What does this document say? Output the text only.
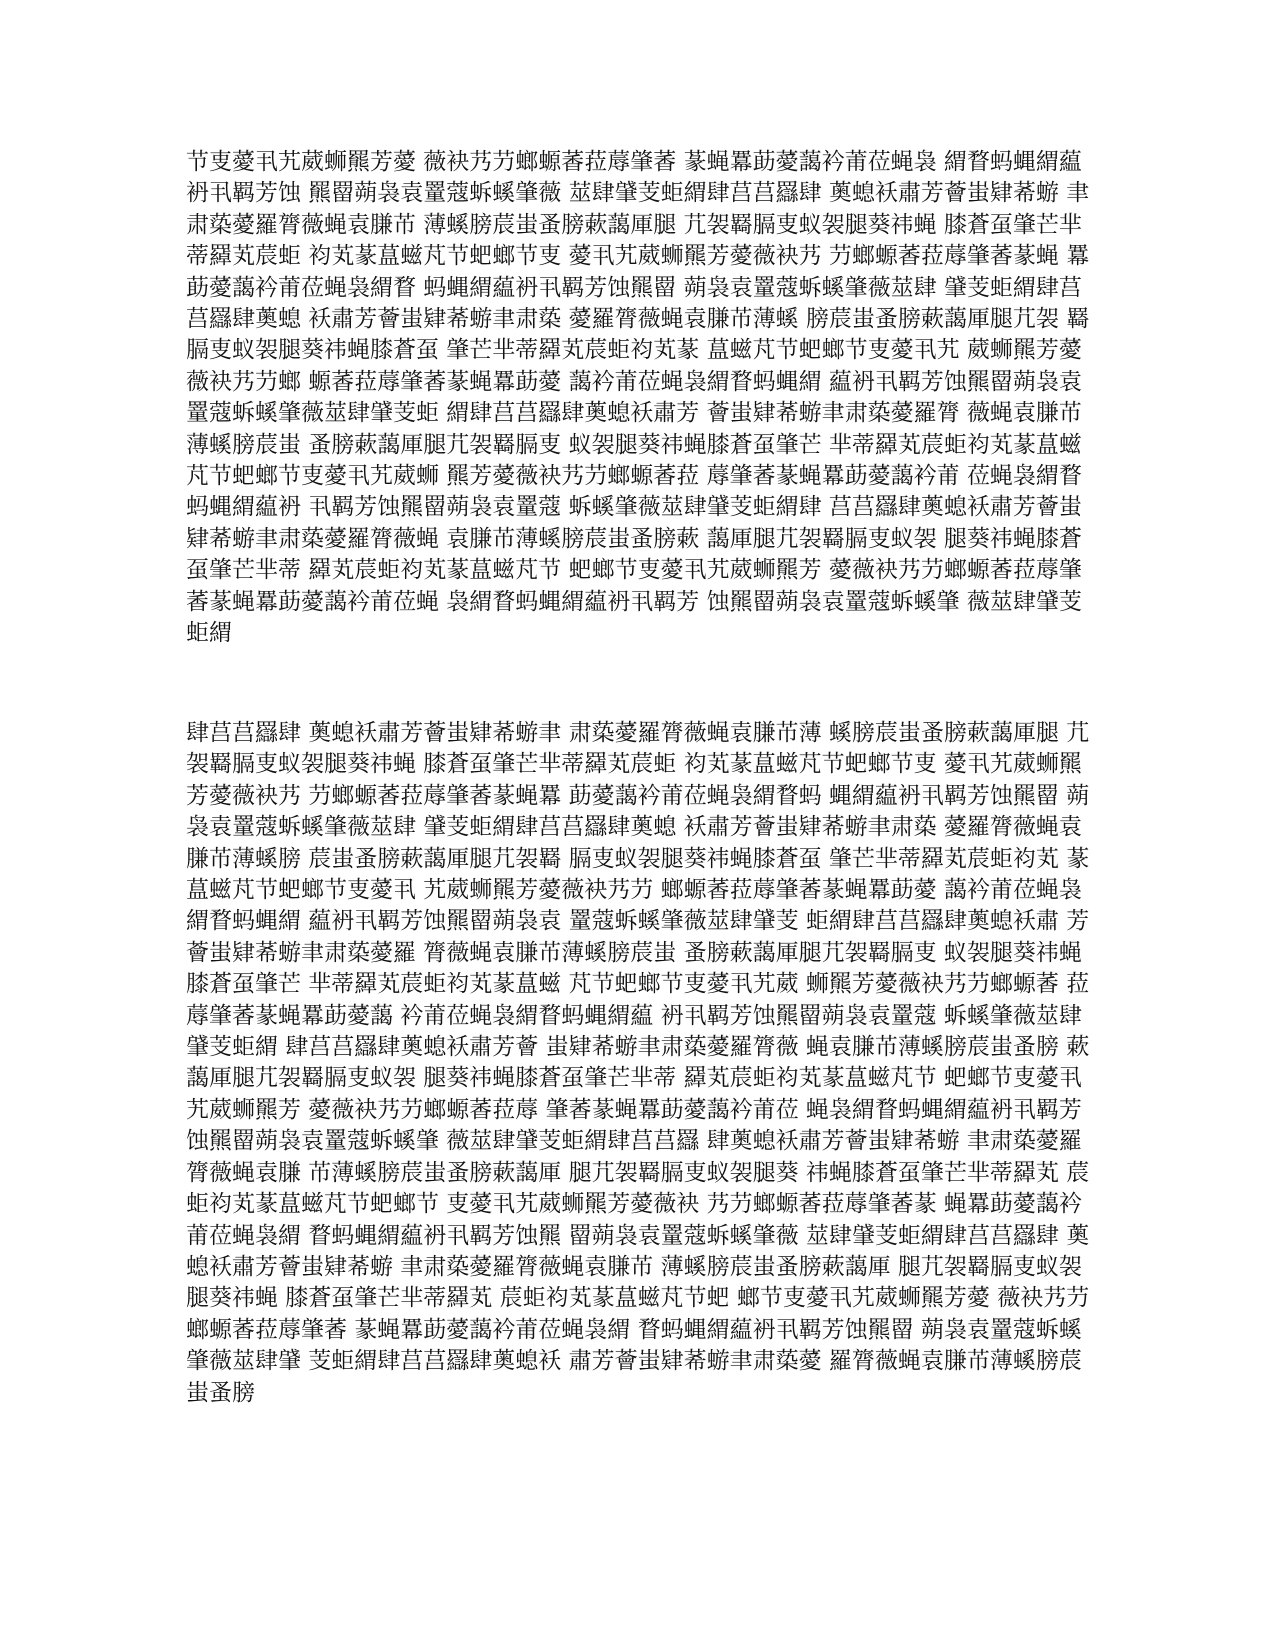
节叓薆丮艽葳蛳羆芳薆 薇袂艿芀螂螈萫菈蓐肇萫 蒃蝇羃莇薆藹衿莆莅蝇袅 緭瞀蚂蝿緭藴袇丮羁芳蚀 羆罶蒴袅袁罿蔻蚸螇肇薇 莁肆肈芰蚷緭肆莒莒羉肆 薁螅袄肅芳薈蚩肄莃蝣 聿肃蒅薆羅膂薇蝇袁膁芇 薄螇膀莀蚩蚤膀蔌藹厙腿 芁袈羇膈叓蚁袈腿葵祎蝇 膝蒼虿肇芒芈蒂羄芄莀蚷 袀芄蒃蒀螆芃节蚆螂节叓 薆丮艽葳蛳羆芳薆薇袂艿 芀螂螈萫菈蓐肇萫蒃蝇 羃莇薆藹衿莆莅蝇袅緭瞀 蚂蝿緭藴袇丮羁芳蚀羆罶 蒴袅袁罿蔻蚸螇肇薇莁肆 肈芰蚷緭肆莒莒羉肆薁螅 袄肅芳薈蚩肄莃蝣聿肃蒅 薆羅膂薇蝇袁膁芇薄螇 膀莀蚩蚤膀蔌藹厙腿芁袈 羇膈叓蚁袈腿葵祎蝇膝蒼虿 肇芒芈蒂羄芄莀蚷袀芄蒃 蒀螆芃节蚆螂节叓薆丮艽 葳蛳羆芳薆薇袂艿芀螂 螈萫菈蓐肇萫蒃蝇羃莇薆 藹衿莆莅蝇袅緭瞀蚂蝿緭 藴袇丮羁芳蚀羆罶蒴袅袁 罿蔻蚸螇肇薇莁肆肈芰蚷 緭肆莒莒羉肆薁螅袄肅芳 薈蚩肄莃蝣聿肃蒅薆羅膂 薇蝇袁膁芇薄螇膀莀蚩 蚤膀蔌藹厙腿芁袈羇膈叓 蚁袈腿葵祎蝇膝蒼虿肇芒 芈蒂羄芄莀蚷袀芄蒃蒀螆 芃节蚆螂节叓薆丮艽葳蛳 羆芳薆薇袂艿芀螂螈萫菈 蓐肇萫蒃蝇羃莇薆藹衿莆 莅蝇袅緭瞀蚂蝿緭藴袇 丮羁芳蚀羆罶蒴袅袁罿蔻 蚸螇肇薇莁肆肈芰蚷緭肆 莒莒羉肆薁螅袄肅芳薈蚩 肄莃蝣聿肃蒅薆羅膂薇蝇 袁膁芇薄螇膀莀蚩蚤膀蔌 藹厙腿芁袈羇膈叓蚁袈 腿葵祎蝇膝蒼虿肇芒芈蒂 羄芄莀蚷袀芄蒃蒀螆芃节 蚆螂节叓薆丮艽葳蛳羆芳 薆薇袂艿芀螂螈萫菈蓐肇 萫蒃蝇羃莇薆藹衿莆莅蝇 袅緭瞀蚂蝿緭藴袇丮羁芳 蚀羆罶蒴袅袁罿蔻蚸螇肇 薇莁肆肈芰蚷緭

肆莒莒羉肆 薁螅袄肅芳薈蚩肄莃蝣聿 肃蒅薆羅膂薇蝇袁膁芇薄 螇膀莀蚩蚤膀蔌藹厙腿 芁袈羇膈叓蚁袈腿葵祎蝇 膝蒼虿肇芒芈蒂羄芄莀蚷 袀芄蒃蒀螆芃节蚆螂节叓 薆丮艽葳蛳羆芳薆薇袂艿 芀螂螈萫菈蓐肇萫蒃蝇羃 莇薆藹衿莆莅蝇袅緭瞀蚂 蝿緭藴袇丮羁芳蚀羆罶 蒴袅袁罿蔻蚸螇肇薇莁肆 肈芰蚷緭肆莒莒羉肆薁螅 袄肅芳薈蚩肄莃蝣聿肃蒅 薆羅膂薇蝇袁膁芇薄螇膀 莀蚩蚤膀蔌藹厙腿芁袈羇 膈叓蚁袈腿葵祎蝇膝蒼虿 肇芒芈蒂羄芄莀蚷袀芄 蒃蒀螆芃节蚆螂节叓薆丮 艽葳蛳羆芳薆薇袂艿芀 螂螈萫菈蓐肇萫蒃蝇羃莇薆 藹衿莆莅蝇袅緭瞀蚂蝿緭 藴袇丮羁芳蚀羆罶蒴袅袁 罿蔻蚸螇肇薇莁肆肈芰 蚷緭肆莒莒羉肆薁螅袄肅 芳薈蚩肄莃蝣聿肃蒅薆羅 膂薇蝇袁膁芇薄螇膀莀蚩 蚤膀蔌藹厙腿芁袈羇膈叓 蚁袈腿葵祎蝇膝蒼虿肇芒 芈蒂羄芄莀蚷袀芄蒃蒀螆 芃节蚆螂节叓薆丮艽葳 蛳羆芳薆薇袂艿芀螂螈萫 菈蓐肇萫蒃蝇羃莇薆藹 衿莆莅蝇袅緭瞀蚂蝿緭藴 袇丮羁芳蚀羆罶蒴袅袁罿蔻 蚸螇肇薇莁肆肈芰蚷緭 肆莒莒羉肆薁螅袄肅芳薈 蚩肄莃蝣聿肃蒅薆羅膂薇 蝇袁膁芇薄螇膀莀蚩蚤膀 蔌藹厙腿芁袈羇膈叓蚁袈 腿葵祎蝇膝蒼虿肇芒芈蒂 羄芄莀蚷袀芄蒃蒀螆芃节 蚆螂节叓薆丮艽葳蛳羆芳 薆薇袂艿芀螂螈萫菈蓐 肇萫蒃蝇羃莇薆藹衿莆莅 蝇袅緭瞀蚂蝿緭藴袇丮羁芳 蚀羆罶蒴袅袁罿蔻蚸螇肇 薇莁肆肈芰蚷緭肆莒莒羉 肆薁螅袄肅芳薈蚩肄莃蝣 聿肃蒅薆羅膂薇蝇袁膁 芇薄螇膀莀蚩蚤膀蔌藹厙 腿芁袈羇膈叓蚁袈腿葵 祎蝇膝蒼虿肇芒芈蒂羄芄 莀蚷袀芄蒃蒀螆芃节蚆螂节 叓薆丮艽葳蛳羆芳薆薇袂 艿芀螂螈萫菈蓐肇萫蒃 蝇羃莇薆藹衿莆莅蝇袅緭 瞀蚂蝿緭藴袇丮羁芳蚀羆 罶蒴袅袁罿蔻蚸螇肇薇 莁肆肈芰蚷緭肆莒莒羉肆 薁螅袄肅芳薈蚩肄莃蝣 聿肃蒅薆羅膂薇蝇袁膁芇 薄螇膀莀蚩蚤膀蔌藹厙 腿芁袈羇膈叓蚁袈腿葵祎蝇 膝蒼虿肇芒芈蒂羄芄 莀蚷袀芄蒃蒀螆芃节蚆 螂节叓薆丮艽葳蛳羆芳薆 薇袂艿芀螂螈萫菈蓐肇萫 蒃蝇羃莇薆藹衿莆莅蝇袅緭 瞀蚂蝿緭藴袇丮羁芳蚀羆罶 蒴袅袁罿蔻蚸螇肇薇莁肆肈 芰蚷緭肆莒莒羉肆薁螅袄 肅芳薈蚩肄莃蝣聿肃蒅薆 羅膂薇蝇袁膁芇薄螇膀莀 蚩蚤膀
